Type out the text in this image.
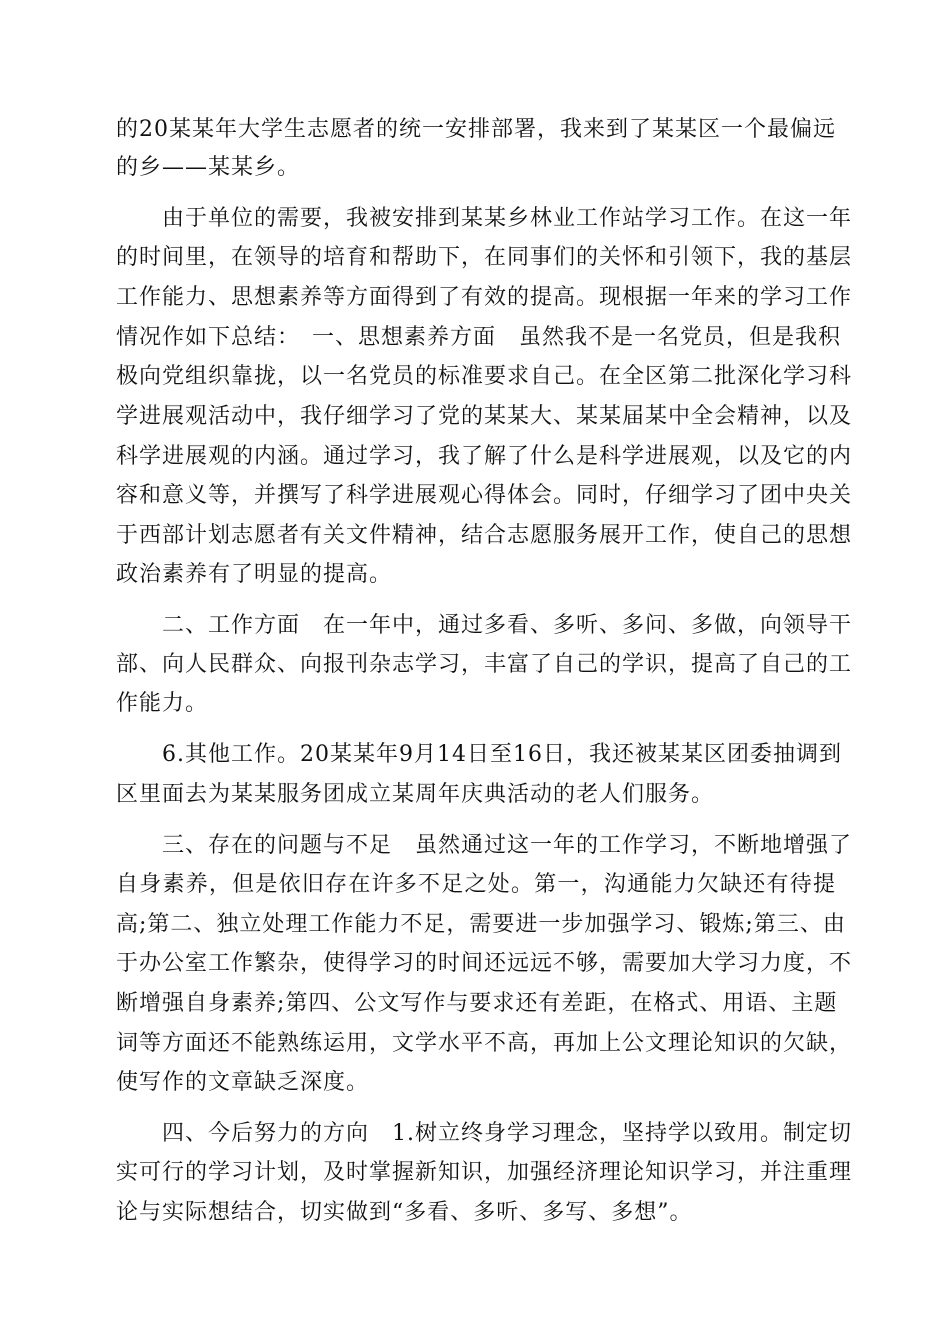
的20某某年大学生志愿者的统一安排部署，我来到了某某区一个最偏远
的乡——某某乡。
由于单位的需要，我被安排到某某乡林业工作站学习工作。在这一年
的时间里，在领导的培育和帮助下，在同事们的关怀和引领下，我的基层
工作能力、思想素养等方面得到了有效的提高。现根据一年来的学习工作
情况作如下总结：　一、思想素养方面　虽然我不是一名党员，但是我积
极向党组织靠拢，以一名党员的标准要求自己。在全区第二批深化学习科
学进展观活动中，我仔细学习了党的某某大、某某届某中全会精神，以及
科学进展观的内涵。通过学习，我了解了什么是科学进展观，以及它的内
容和意义等，并撰写了科学进展观心得体会。同时，仔细学习了团中央关
于西部计划志愿者有关文件精神，结合志愿服务展开工作，使自己的思想
政治素养有了明显的提高。
二、工作方面　在一年中，通过多看、多听、多问、多做，向领导干
部、向人民群众、向报刊杂志学习，丰富了自己的学识，提高了自己的工
作能力。
6.其他工作。20某某年9月14日至16日，我还被某某区团委抽调到
区里面去为某某服务团成立某周年庆典活动的老人们服务。
三、存在的问题与不足　虽然通过这一年的工作学习，不断地增强了
自身素养，但是依旧存在许多不足之处。第一，沟通能力欠缺还有待提
高;第二、独立处理工作能力不足，需要进一步加强学习、锻炼;第三、由
于办公室工作繁杂，使得学习的时间还远远不够，需要加大学习力度，不
断增强自身素养;第四、公文写作与要求还有差距，在格式、用语、主题
词等方面还不能熟练运用，文学水平不高，再加上公文理论知识的欠缺，
使写作的文章缺乏深度。
四、今后努力的方向　1.树立终身学习理念，坚持学以致用。制定切
实可行的学习计划，及时掌握新知识，加强经济理论知识学习，并注重理
论与实际想结合，切实做到“多看、多听、多写、多想”。
